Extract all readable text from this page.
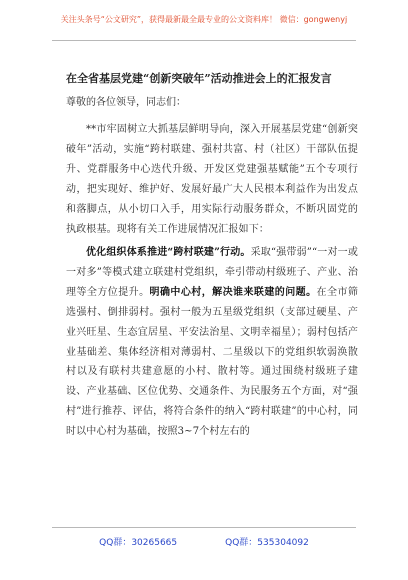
关注头条号“公文研究”，获得最新最全最专业的公文资料库！ 微信：gongwenyj
在全省基层党建“创新突破年”活动推进会上的汇报发言
尊敬的各位领导，同志们：

**市牢固树立大抓基层鲜明导向，深入开展基层党建“创新突破年”活动，实施“跨村联建、强村共富、村（社区）干部队伍提升、党群服务中心迭代升级、开发区党建强基赋能”五个专项行动，把实现好、维护好、发展好最广大人民根本利益作为出发点和落脚点，从小切口入手，用实际行动服务群众，不断巩固党的执政根基。现将有关工作进展情况汇报如下：

优化组织体系推进“跨村联建”行动。采取“强带弱”“一对一或一对多”等模式建立联建村党组织，牵引带动村级班子、产业、治理等全方位提升。明确中心村，解决谁来联建的问题。在全市筛选强村、倒排弱村。强村一般为五星级党组织（支部过硬星、产业兴旺星、生态宜居星、平安法治星、文明幸福星）；弱村包括产业基础差、集体经济相对薄弱村、二星级以下的党组织软弱涣散村以及有联村共建意愿的小村、散村等。通过围绕村级班子建设、产业基础、区位优势、交通条件、为民服务五个方面，对“强村”进行推荐、评估，将符合条件的纳入“跨村联建”的中心村，同时以中心村为基础，按照3~7个村左右的

QQ群：30265665	QQ群：535304092
